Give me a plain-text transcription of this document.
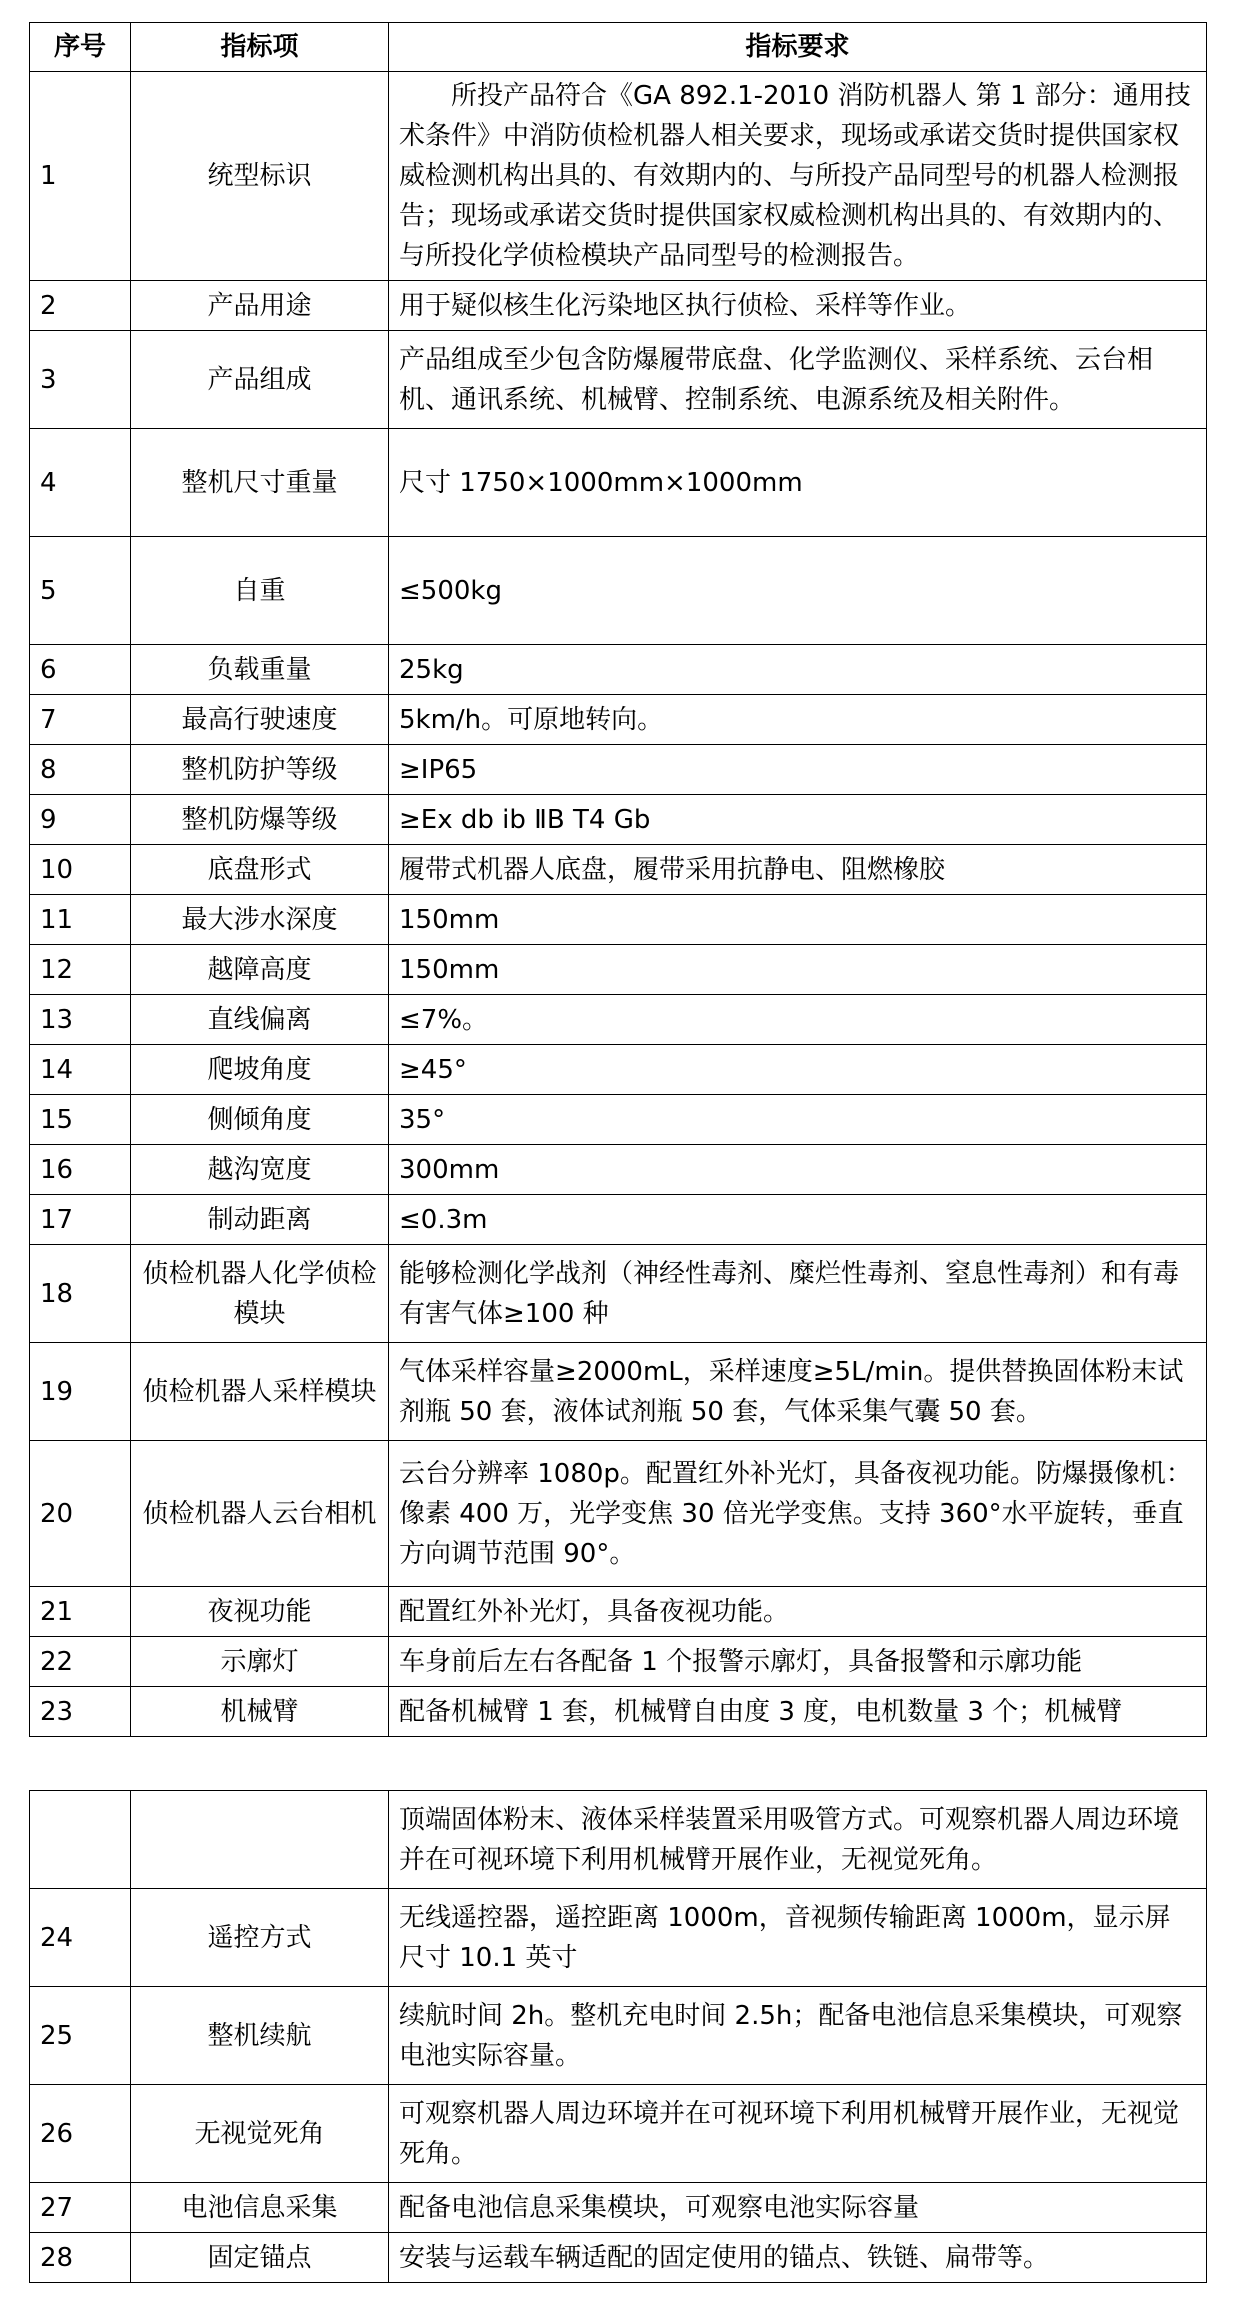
序号	指标项	指标要求
1	统型标识	所投产品符合《GA 892.1-2010 消防机器人 第 1 部分：通用技术条件》中消防侦检机器人相关要求，现场或承诺交货时提供国家权威检测机构出具的、有效期内的、与所投产品同型号的机器人检测报告；现场或承诺交货时提供国家权威检测机构出具的、有效期内的、与所投化学侦检模块产品同型号的检测报告。
2	产品用途	用于疑似核生化污染地区执行侦检、采样等作业。
3	产品组成	产品组成至少包含防爆履带底盘、化学监测仪、采样系统、云台相机、通讯系统、机械臂、控制系统、电源系统及相关附件。
4	整机尺寸重量	尺寸 1750×1000mm×1000mm
5	自重	≤500kg
6	负载重量	25kg
7	最高行驶速度	5km/h。可原地转向。
8	整机防护等级	≥IP65
9	整机防爆等级	≥Ex db ib ⅡB T4 Gb
10	底盘形式	履带式机器人底盘，履带采用抗静电、阻燃橡胶
11	最大涉水深度	150mm
12	越障高度	150mm
13	直线偏离	≤7%。
14	爬坡角度	≥45°
15	侧倾角度	35°
16	越沟宽度	300mm
17	制动距离	≤0.3m
18	侦检机器人化学侦检模块	能够检测化学战剂（神经性毒剂、糜烂性毒剂、窒息性毒剂）和有毒有害气体≥100 种
19	侦检机器人采样模块	气体采样容量≥2000mL，采样速度≥5L/min。提供替换固体粉末试剂瓶 50 套，液体试剂瓶 50 套，气体采集气囊 50 套。
20	侦检机器人云台相机	云台分辨率 1080p。配置红外补光灯，具备夜视功能。防爆摄像机：像素 400 万，光学变焦 30 倍光学变焦。支持 360°水平旋转，垂直方向调节范围 90°。
21	夜视功能	配置红外补光灯，具备夜视功能。
22	示廓灯	车身前后左右各配备 1 个报警示廓灯，具备报警和示廓功能
23	机械臂	配备机械臂 1 套，机械臂自由度 3 度，电机数量 3 个；机械臂
		顶端固体粉末、液体采样装置采用吸管方式。可观察机器人周边环境并在可视环境下利用机械臂开展作业，无视觉死角。
24	遥控方式	无线遥控器，遥控距离 1000m，音视频传输距离 1000m，显示屏尺寸 10.1 英寸
25	整机续航	续航时间 2h。整机充电时间 2.5h；配备电池信息采集模块，可观察电池实际容量。
26	无视觉死角	可观察机器人周边环境并在可视环境下利用机械臂开展作业，无视觉死角。
27	电池信息采集	配备电池信息采集模块，可观察电池实际容量
28	固定锚点	安装与运载车辆适配的固定使用的锚点、铁链、扁带等。
